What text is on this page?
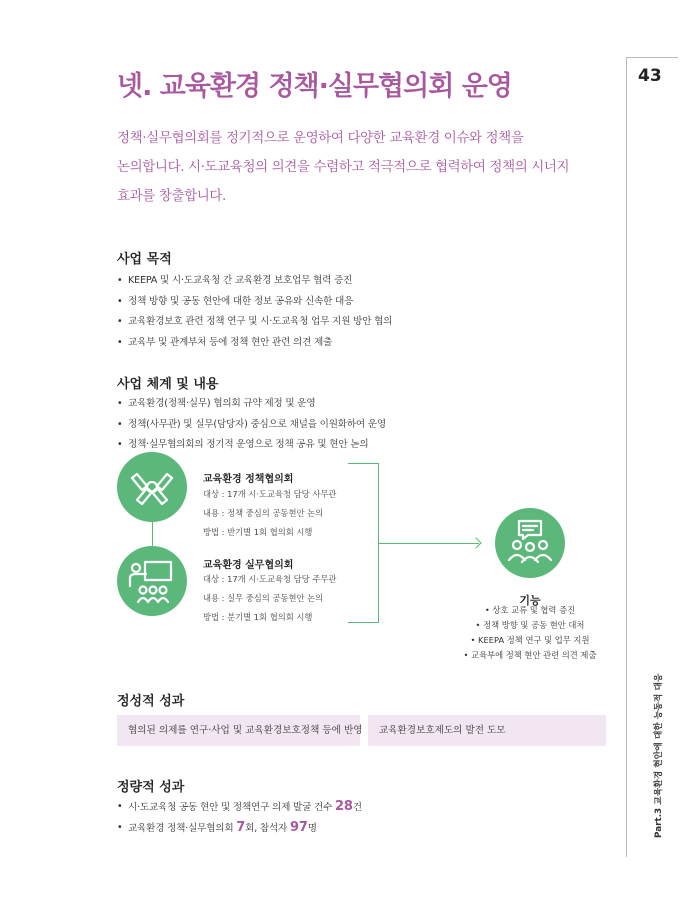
43
넷. 교육환경 정책·실무협의회 운영
정책·실무협의회를 정기적으로 운영하여 다양한 교육환경 이슈와 정책을
논의합니다. 시·도교육청의 의견을 수렴하고 적극적으로 협력하여 정책의 시너지
효과를 창출합니다.
사업 목적
• KEEPA 및 시·도교육청 간 교육환경 보호업무 협력 증진
• 정책 방향 및 공동 현안에 대한 정보 공유와 신속한 대응
• 교육환경보호 관련 정책 연구 및 시·도교육청 업무 지원 방안 협의
• 교육부 및 관계부처 등에 정책 현안 관련 의견 제출
사업 체계 및 내용
• 교육환경(정책·실무) 협의회 규약 제정 및 운영
• 정책(사무관) 및 실무(담당자) 중심으로 채널을 이원화하여 운영
• 정책·실무협의회의 정기적 운영으로 정책 공유 및 현안 논의
교육환경 정책협의회
대상 : 17개 시·도교육청 담당 사무관
내용 : 정책 중심의 공동현안 논의
방법 : 반기별 1회 협의회 시행
교육환경 실무협의회
대상 : 17개 시·도교육청 담당 주무관
내용 : 실무 중심의 공동현안 논의
방법 : 분기별 1회 협의회 시행
기능
• 상호 교류 및 협력 증진
• 정책 방향 및 공동 현안 대처
• KEEPA 정책 연구 및 업무 지원
• 교육부에 정책 현안 관련 의견 제출
정성적 성과
협의된 의제를 연구·사업 및 교육환경보호정책 등에 반영	교육환경보호제도의 발전 도모
정량적 성과
• 시·도교육청 공동 현안 및 정책연구 의제 발굴 건수 28건
• 교육환경 정책·실무협의회 7회, 참석자 97명	Part.3 교육환경 현안에 대한 능동적 대응
